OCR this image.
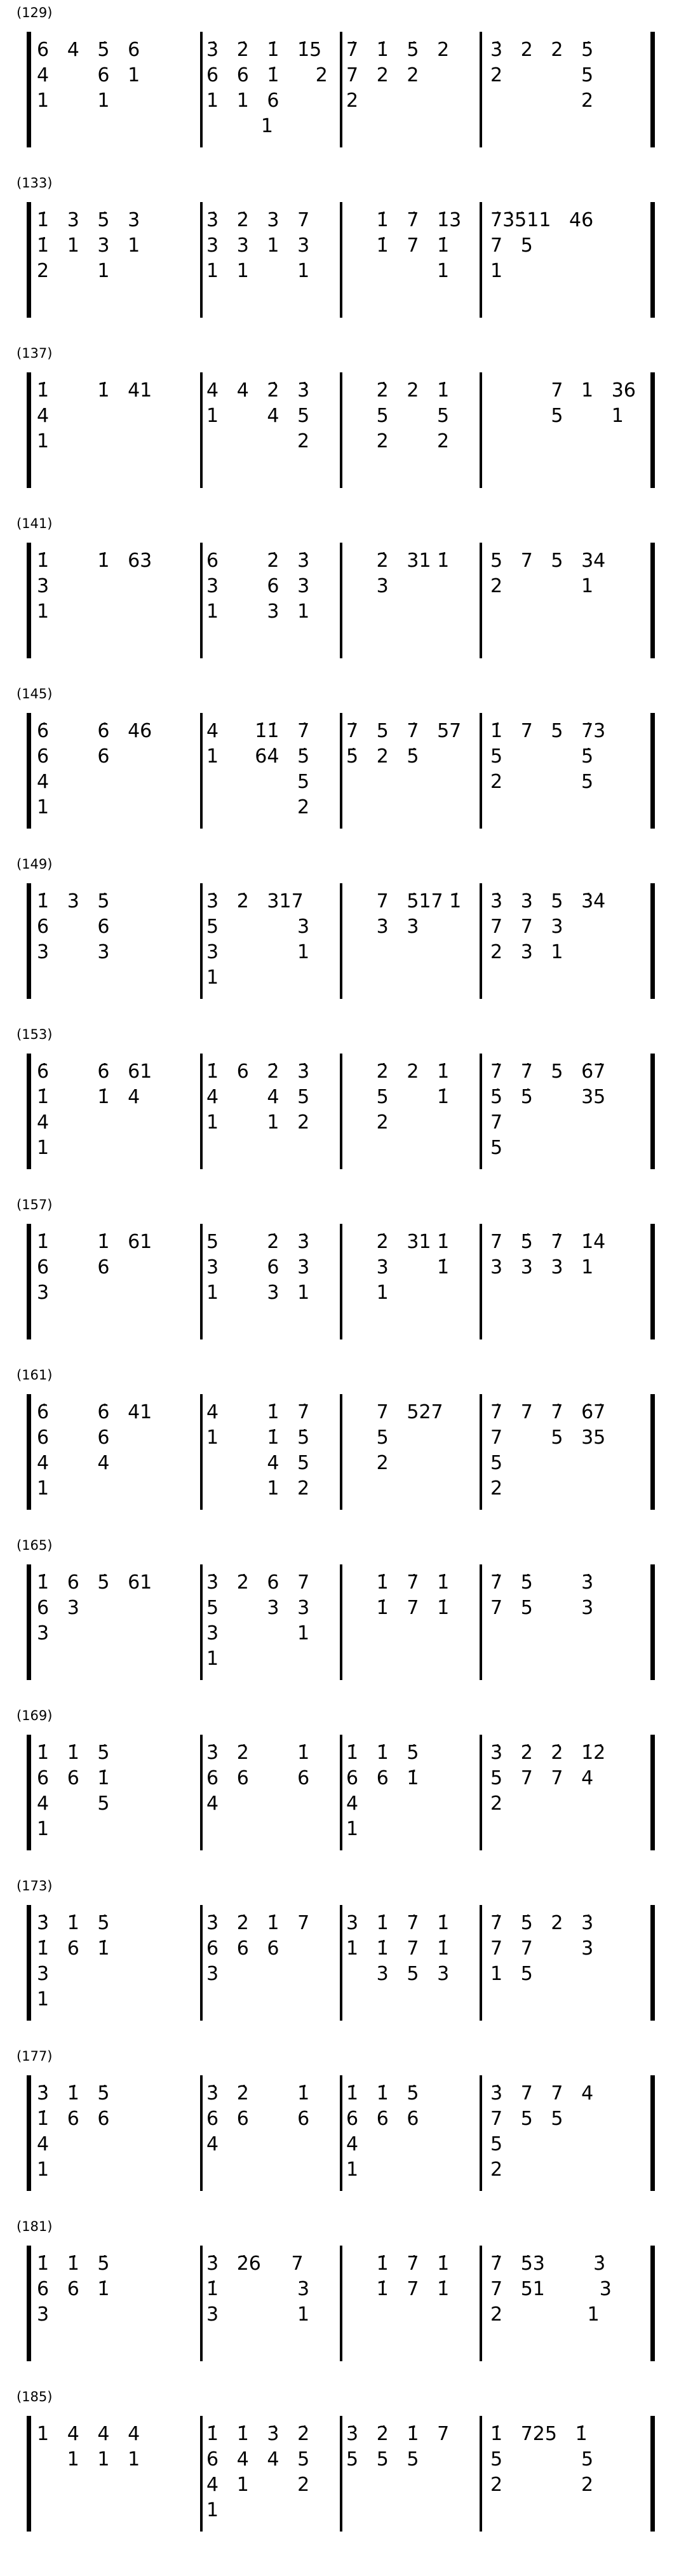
(129)
6   4   5̇   6
4        6   1
1        1
3̇   2̇   1̇   1̇5
6   6   1̇      2
1   1   6
1
7̇   1̇   5̇   2
7   2   2
2
3̇   2   2   5̇
2             5
2
(133)
1̇   3   5̇   3
1̇   1   3   1
2        1
3̇   2̇   3   7
3   3   1   3
1   1        1
1̇   7̇   1̇3
1̇   7   1̇
1
7̇3̇5̇11   46
7   5
1
(137)
1̇        1̇   41
4
1
4   4   2̇   3̇
1        4   5
2
2̇   2   1̇
5        5
2        2
7   1   36
5        1
(141)
1̇        1̇   63
3
1
6        2̇   3̇
3        6   3
1        3   1
2̇   31 1̇
3
5   7   5   34
2             1
(145)
6̇        6̇   46
6        6
4
1
4      1̇1̇   7̇
1      64̇   5̇
5
2
7̇   5   7̇   57
5̇   2   5̇
1̇   7   5   7̇3
5             5̇
2             5
(149)
1̇   3   5̇
6        6
3        3
3̇   2̇   317
5             3
3             1
1
7   5̇17 1̇
3   3
3̇   3   5   3̇4̇
7   7   3
2   3   1
(153)
6̇        6̇   61
1̇        1̇   4
4
1
1̇   6   2̇   3̇
4        4   5
1        1   2
2̇   2   1̇
5        1̇
2
7̇   7̇   5   6̇7̇
5̇   5̇        35
7
5
(157)
1̇        1̇   61
6        6
3
5        2̇   3̇
3        6   3
1        3   1
2̇   31 1̇
3        1̇
1
7   5̇   7̇   1̇4̇
3   3   3   1
(161)
6̇        6̇   41
6        6
4        4
1
4        1̇   7̇
1        1̇   5̇
4   5
1   2
7   527
5
2
7̇   7   7̇   6̇7̇
7        5   35
5
2
(165)
1̇   6   5̇   61
6   3
3
3̇   2̇   6   7
5        3   3
3             1
1
1̇   7̇   1̇
1̇   7   1̇
7̇   5̇        3̇
7   5        3
(169)
1̇   1̇   5̇
6   6   1̇
4        5
1
3̇   2̇        1̇
6   6        6
4
1̇   1̇   5̇
6   6   1̇
4
1
3̇   2̇   2̇   1̇2̇
5   7   7   4
2
(173)
3̇   1̇   5̇
1̇   6   1̇
3
1
3̇   2̇   1̇   7
6   6   6
3
3   1̇   7̇   1̇
1   1̇   7   1̇
3   5   3
7̇   5̇   2   3̇
7   7        3
1   5
(177)
3̇   1̇   5̇
1̇   6   6
4
1
3̇   2̇        1̇
6   6        6
4
1̇   1̇   5̇
6   6   6
4
1
3̇   7   7   4
7   5   5
5
2
(181)
1̇   1̇   5̇
6   6   1̇
3
3̇   2̇6     7
1̇             3
3             1
1̇   7̇   1̇
1̇   7   1̇
7̇   5̇3        3̇
7   51         3
2              1
(185)
1   4   4   4
1   1   1
1̇   1̇   3̇   2̇
6   4   4   5
4   1        2
1
3̇   2̇   1̇   7
5   5   5
1̇   725   1̇
5             5
2             2
